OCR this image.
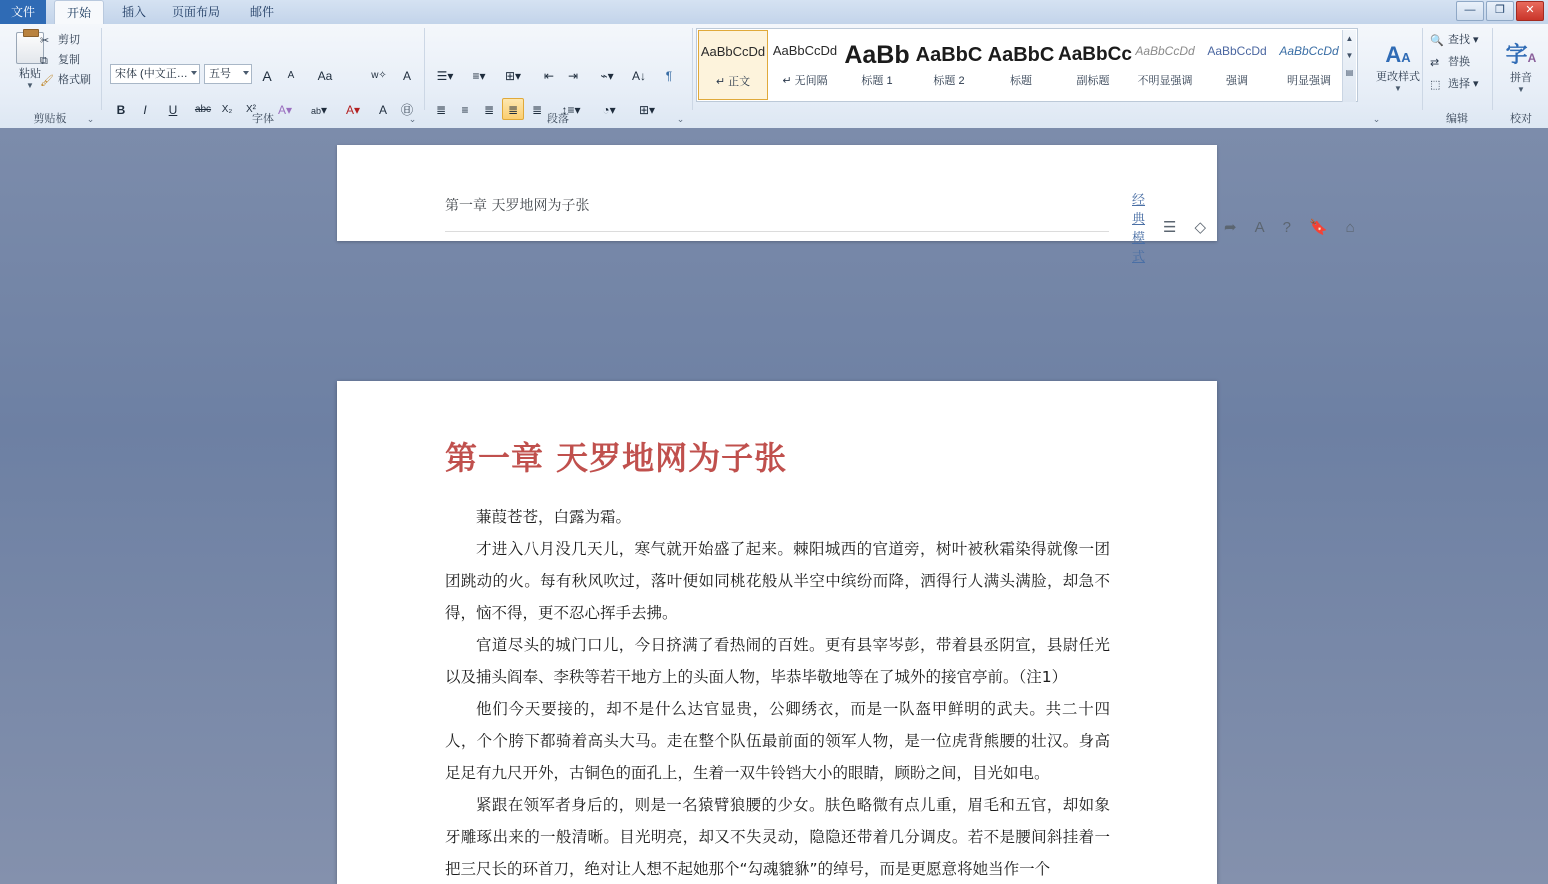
—	❐	✕
文件	开始	插入	页面布局	邮件
粘贴
▼
✂ 剪切
⧉ 复制
🖌 格式刷
剪贴板	⌄
宋体 (中文正…	五号	A	A	Aa	w✧	A
B	I	U	abc	X₂	X²	A▾	ab▾	A▾	A	㊐
字体	⌄
☰▾	≡▾	⊞▾	⇤	⇥	⌁▾	A↓	¶
≣	≡	≣	≣	≣	↕≡▾	◔▾	⊞▾
段落	⌄
AaBbCcDd
↵ 正文
AaBbCcDd
↵ 无间隔
AaBb
标题 1
AaBbC
标题 2
AaBbC
标题
AaBbCc
副标题
AaBbCcDd
不明显强调
AaBbCcDd
强调
AaBbCcDd
明显强调
▲
▼
▤
AA
更改样式
▼
⌄
🔍 查找 ▾
⇄ 替换
⬚ 选择 ▾
编辑
字A
拼音
▼
校对
第一章 天罗地网为子张	经典模式
☰ ◇ ➦ A ? 🔖 ⌂
第一章 天罗地网为子张

蒹葭苍苍，白露为霜。

才进入八月没几天儿，寒气就开始盛了起来。棘阳城西的官道旁，树叶被秋霜染得就像一团团跳动的火。每有秋风吹过，落叶便如同桃花般从半空中缤纷而降，洒得行人满头满脸，却急不得，恼不得，更不忍心挥手去拂。

官道尽头的城门口儿，今日挤满了看热闹的百姓。更有县宰岑彭，带着县丞阴宣，县尉任光以及捕头阎奉、李秩等若干地方上的头面人物，毕恭毕敬地等在了城外的接官亭前。（注1）

他们今天要接的，却不是什么达官显贵，公卿绣衣，而是一队盔甲鲜明的武夫。共二十四人，个个胯下都骑着高头大马。走在整个队伍最前面的领军人物，是一位虎背熊腰的壮汉。身高足足有九尺开外，古铜色的面孔上，生着一双牛铃铛大小的眼睛，顾盼之间，目光如电。

紧跟在领军者身后的，则是一名猿臂狼腰的少女。肤色略微有点儿重，眉毛和五官，却如象牙雕琢出来的一般清晰。目光明亮，却又不失灵动，隐隐还带着几分调皮。若不是腰间斜挂着一把三尺长的环首刀，绝对让人想不起她那个“勾魂貔貅”的绰号，而是更愿意将她当作一个
